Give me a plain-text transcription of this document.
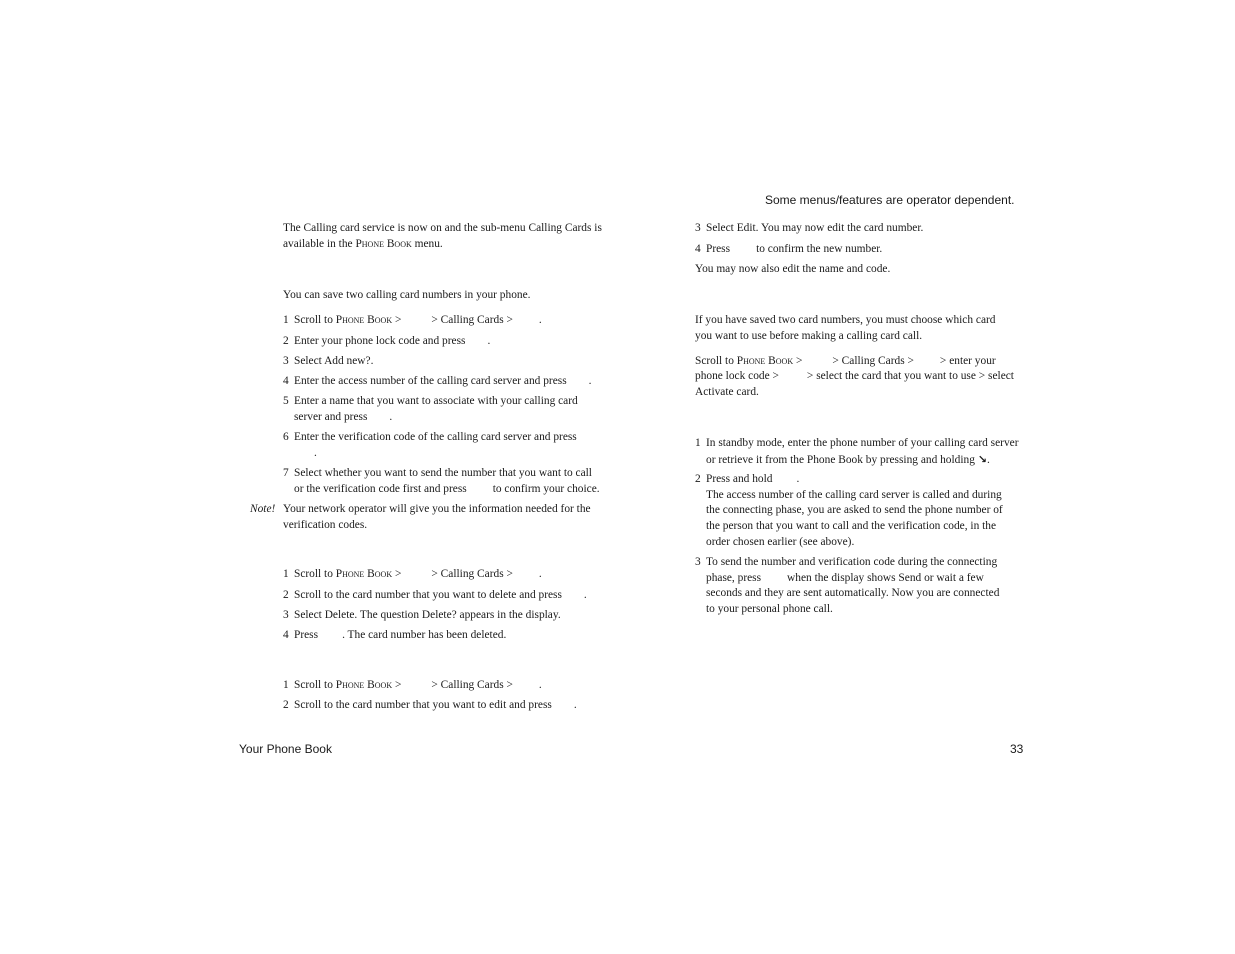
Some menus/features are operator dependent.
Your Phone Book	33
The Calling card service is now on and the sub-menu Calling Cards is
available in the Phone Book menu.
You can save two calling card numbers in your phone.
1 Scroll to Phone Book >	> Calling Cards > .
2 Enter your phone lock code and press .
3 Select Add new?.
4 Enter the access number of the calling card server and press .
5 Enter a name that you want to associate with your calling card
server and press .
6 Enter the verification code of the calling card server and press
.
7 Select whether you want to send the number that you want to call
or the verification code first and press to confirm your choice.
Note! Your network operator will give you the information needed for the
verification codes.
1 Scroll to Phone Book >	> Calling Cards > .
2 Scroll to the card number that you want to delete and press .
3 Select Delete. The question Delete? appears in the display.
4 Press . The card number has been deleted.
1 Scroll to Phone Book >	> Calling Cards > .
2 Scroll to the card number that you want to edit and press .
3 Select Edit. You may now edit the card number.
4 Press to confirm the new number.
You may now also edit the name and code.
If you have saved two card numbers, you must choose which card
you want to use before making a calling card call.
Scroll to Phone Book >	> Calling Cards > > enter your
phone lock code > > select the card that you want to use > select
Activate card.
1 In standby mode, enter the phone number of your calling card server
or retrieve it from the Phone Book by pressing and holding ↘.
2 Press and hold .
The access number of the calling card server is called and during
the connecting phase, you are asked to send the phone number of
the person that you want to call and the verification code, in the
order chosen earlier (see above).
3 To send the number and verification code during the connecting
phase, press when the display shows Send or wait a few
seconds and they are sent automatically. Now you are connected
to your personal phone call.
